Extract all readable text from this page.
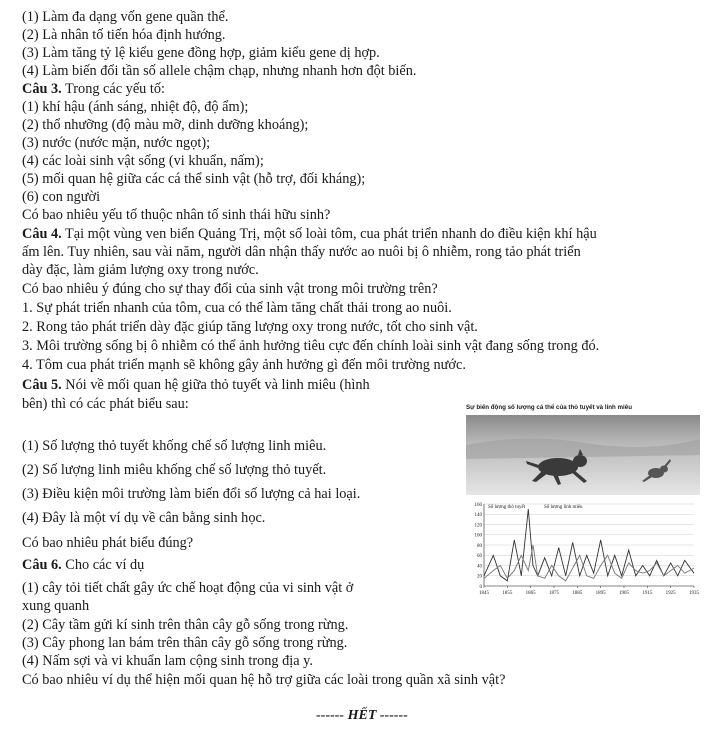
(1) Làm đa dạng vốn gene quần thể.
(2) Là nhân tố tiến hóa định hướng.
(3) Làm tăng tỷ lệ kiểu gene đồng hợp, giảm kiểu gene dị hợp.
(4) Làm biến đổi tần số allele chậm chạp, nhưng nhanh hơn đột biến.
Câu 3. Trong các yếu tố:
(1) khí hậu (ánh sáng, nhiệt độ, độ ẩm);
(2) thổ nhưỡng (độ màu mỡ, dinh dưỡng khoáng);
(3) nước (nước mặn, nước ngọt);
(4) các loài sinh vật sống (vi khuẩn, nấm);
(5) mối quan hệ giữa các cá thể sinh vật (hỗ trợ, đối kháng);
(6) con người
Có bao nhiêu yếu tố thuộc nhân tố sinh thái hữu sinh?
Câu 4. Tại một vùng ven biển Quảng Trị, một số loài tôm, cua phát triển nhanh do điều kiện khí hậu
ấm lên. Tuy nhiên, sau vài năm, người dân nhận thấy nước ao nuôi bị ô nhiễm, rong tảo phát triển
dày đặc, làm giảm lượng oxy trong nước.
Có bao nhiêu ý đúng cho sự thay đổi của sinh vật trong môi trường trên?
1. Sự phát triển nhanh của tôm, cua có thể làm tăng chất thải trong ao nuôi.
2. Rong tảo phát triển dày đặc giúp tăng lượng oxy trong nước, tốt cho sinh vật.
3. Môi trường sống bị ô nhiễm có thể ảnh hưởng tiêu cực đến chính loài sinh vật đang sống trong đó.
4. Tôm cua phát triển mạnh sẽ không gây ảnh hưởng gì đến môi trường nước.
Câu 5. Nói về mối quan hệ giữa thỏ tuyết và linh miêu (hình
bên) thì có các phát biểu sau:
(1) Số lượng thỏ tuyết khống chế số lượng linh miêu.
(2) Số lượng linh miêu khống chế số lượng thỏ tuyết.
(3) Điều kiện môi trường làm biến đổi số lượng cả hai loại.
(4) Đây là một ví dụ về cân bằng sinh học.
Có bao nhiêu phát biểu đúng?
Câu 6. Cho các ví dụ
(1) cây tỏi tiết chất gây ức chế hoạt động của vi sinh vật ở
xung quanh
(2) Cây tầm gửi kí sinh trên thân cây gỗ sống trong rừng.
(3) Cây phong lan bám trên thân cây gỗ sống trong rừng.
(4) Nấm sợi và vi khuẩn lam cộng sinh trong địa y.
Có bao nhiêu ví dụ thể hiện mối quan hệ hỗ trợ giữa các loài trong quần xã sinh vật?
------ HẾT ------
Sự biến động số lượng cá thể của thỏ tuyết và linh miêu
0
20
40
60
80
100
120
140
160
1845	1855	1865	1875	1885	1895	1905	1915	1925	1935
Số lượng thỏ tuyết	Số lượng linh miêu
